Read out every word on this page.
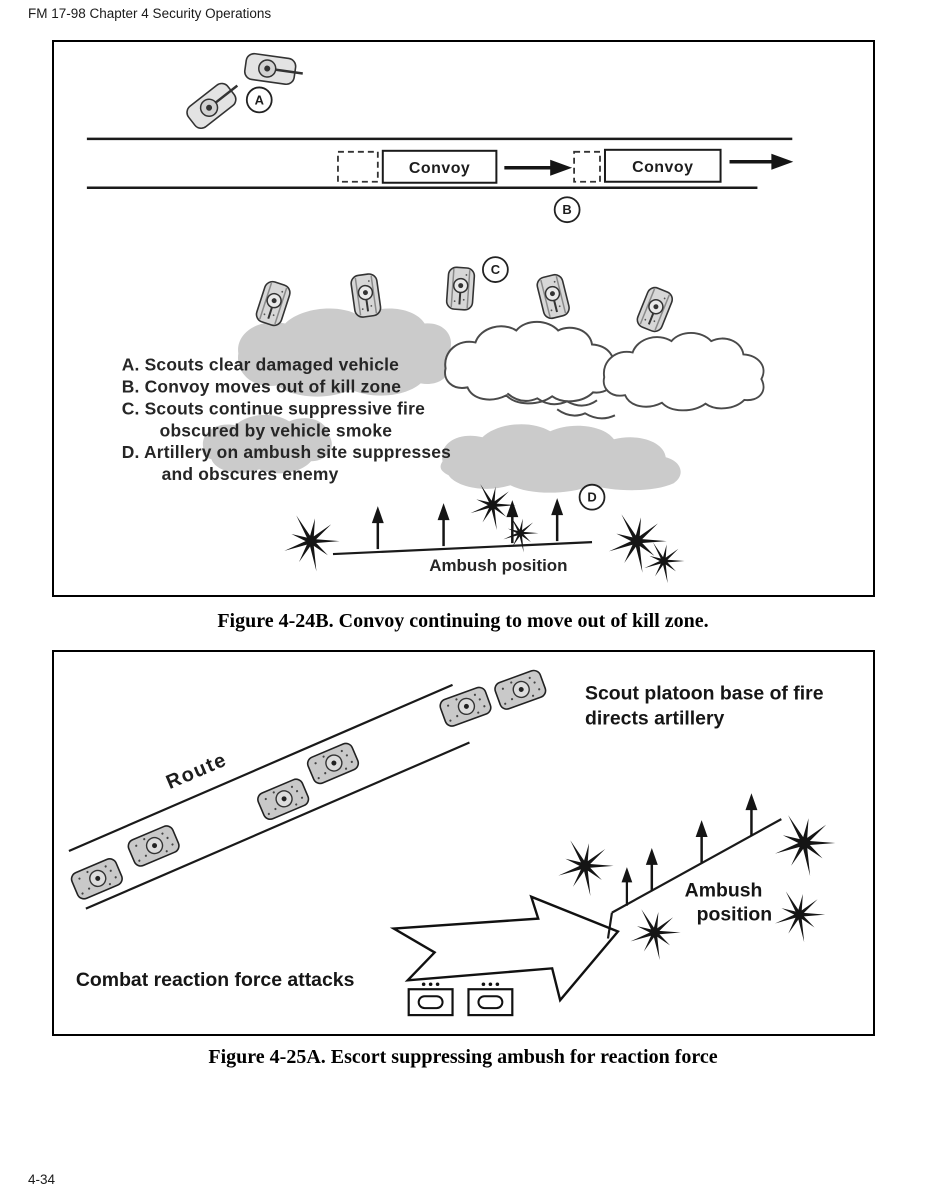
FM 17-98 Chapter 4 Security Operations
Convoy	Convoy
A
B
C
D
A. Scouts clear damaged vehicle
B. Convoy moves out of kill zone
C. Scouts continue suppressive fire
obscured by vehicle smoke
D. Artillery on ambush site suppresses
and obscures enemy
Ambush position
Figure 4-24B. Convoy continuing to move out of kill zone.
Route
Scout platoon base of fire
directs artillery
Ambush
position
Combat reaction force attacks
Figure 4-25A. Escort suppressing ambush for reaction force
4-34
